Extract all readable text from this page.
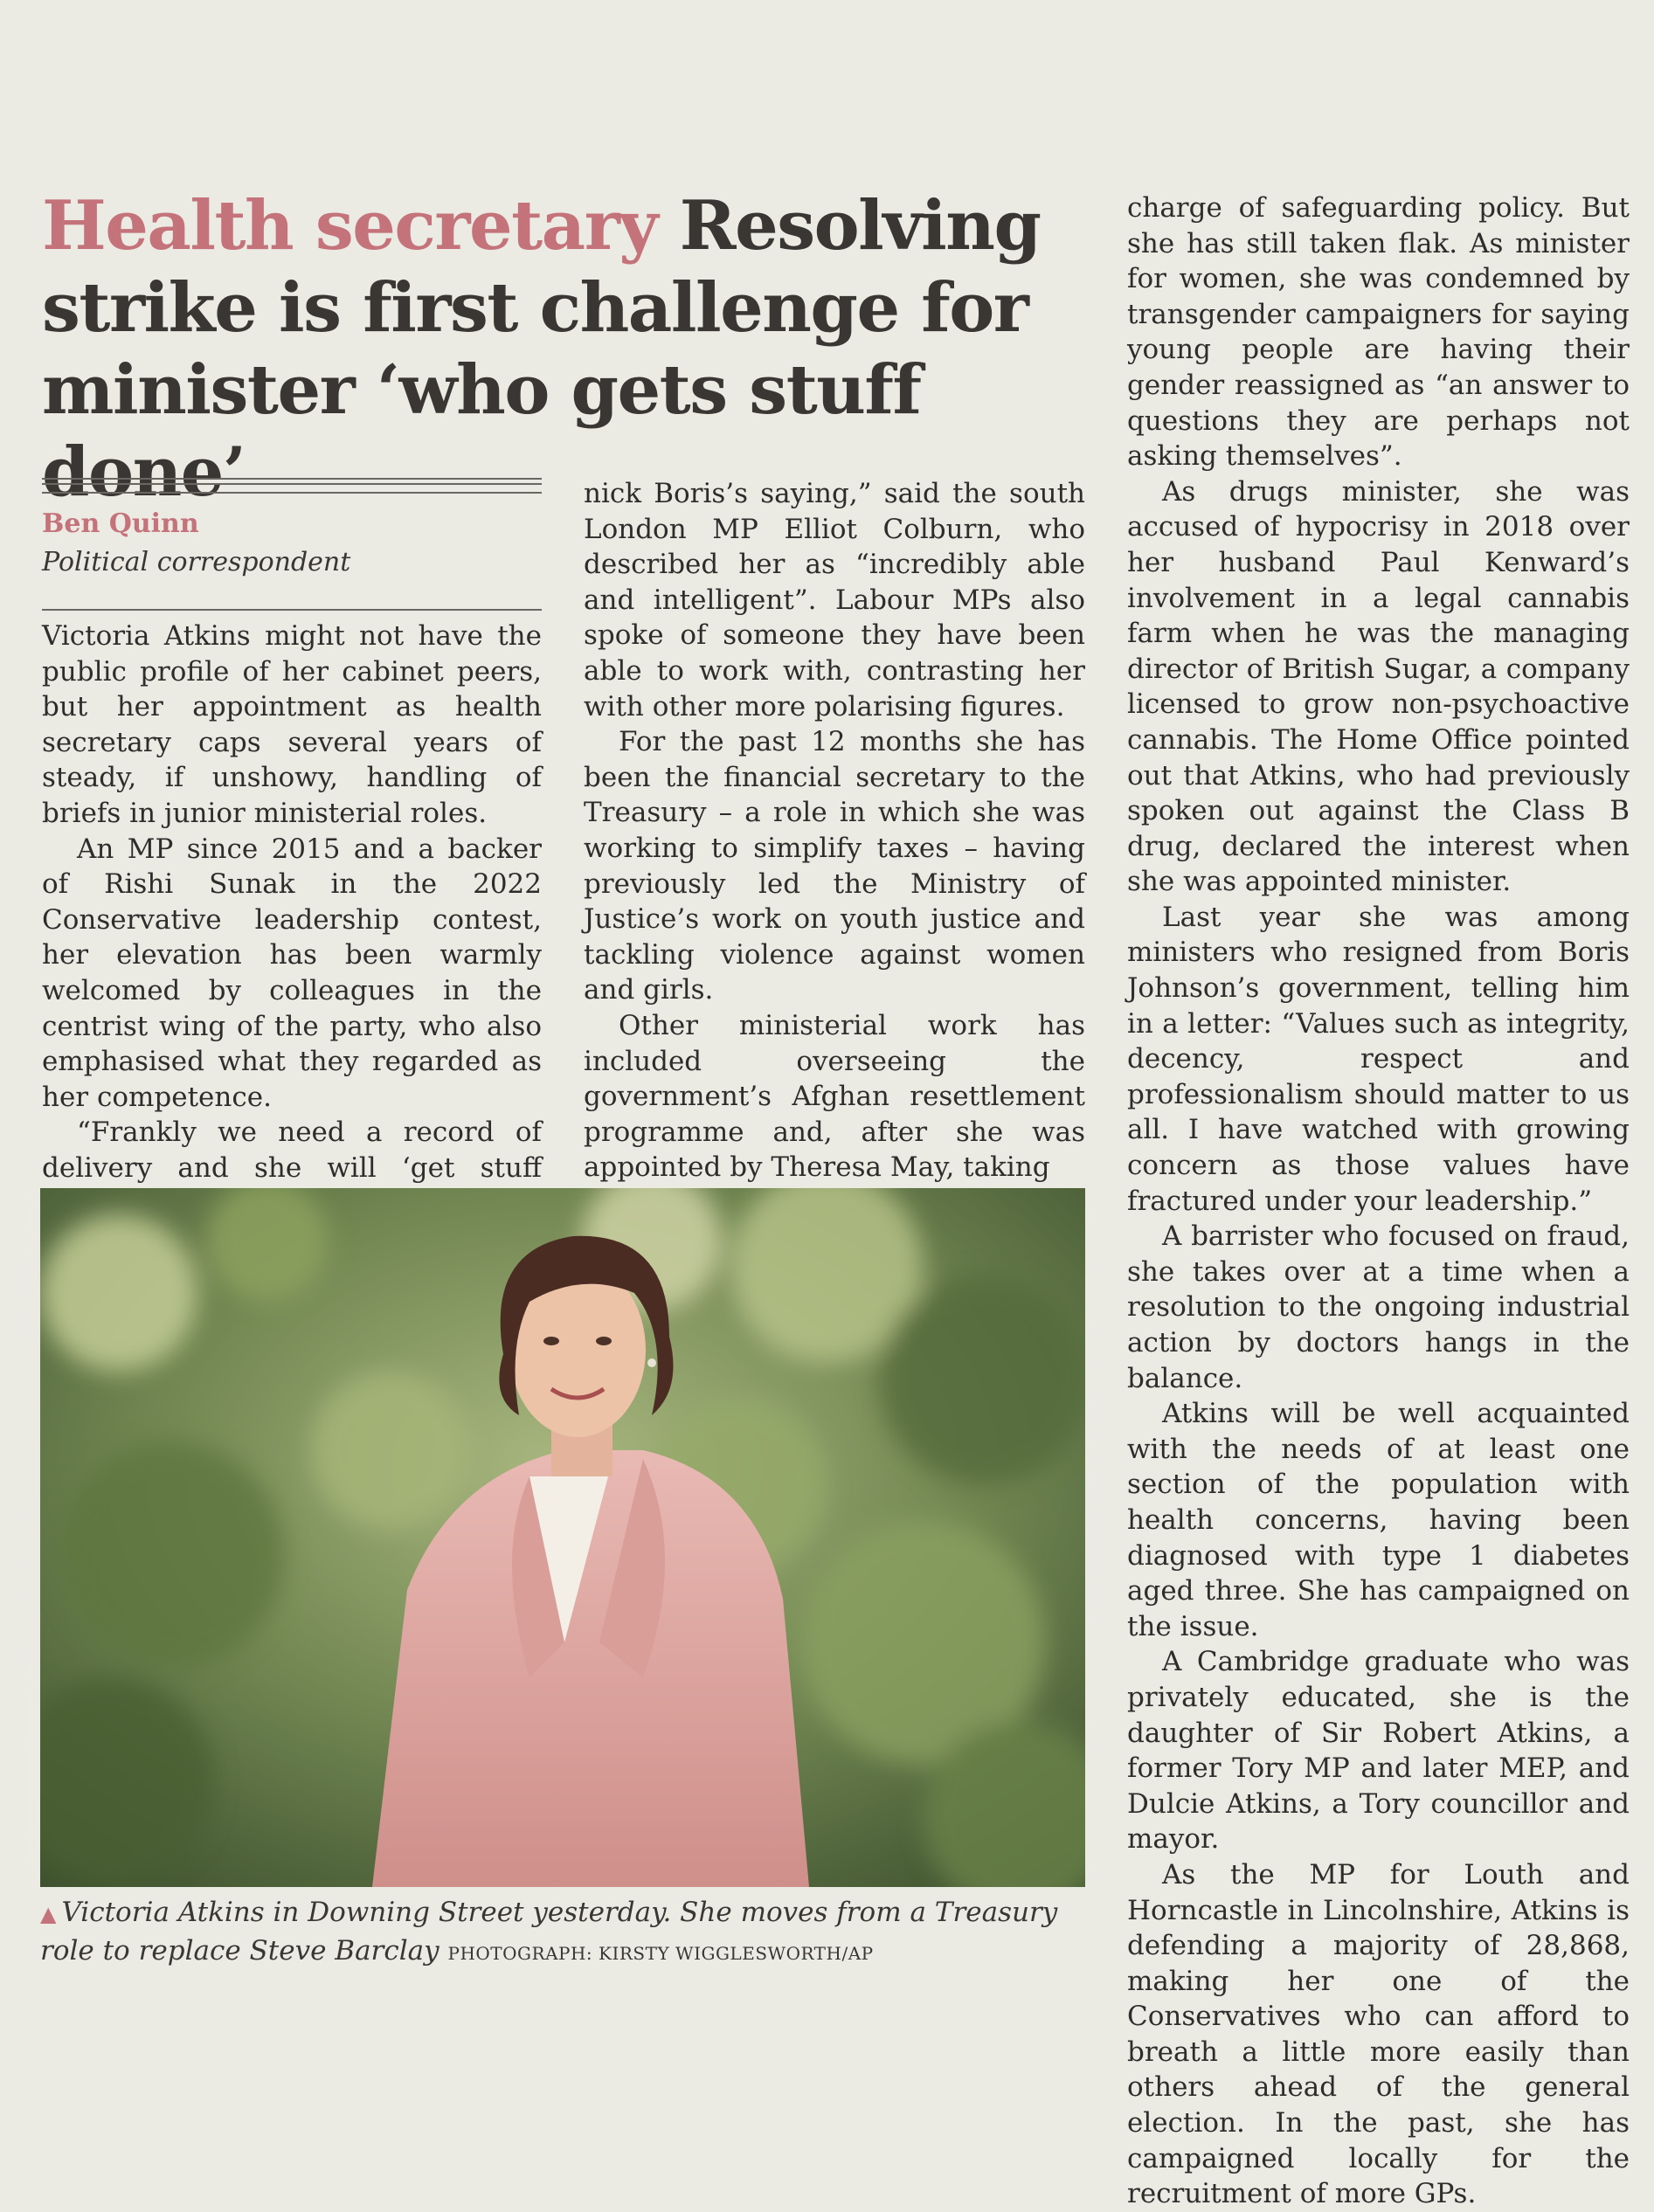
Health secretary Resolving strike is first challenge for minister ‘who gets stuff done’
Ben Quinn
Political correspondent

Victoria Atkins might not have the public profile of her cabinet peers, but her appointment as health secretary caps several years of steady, if unshowy, handling of briefs in junior ministerial roles.

An MP since 2015 and a backer of Rishi Sunak in the 2022 Conservative leadership contest, her elevation has been warmly welcomed by colleagues in the centrist wing of the party, who also emphasised what they regarded as her competence.

“Frankly we need a record of delivery and she will ‘get stuff

nick Boris’s saying,” said the south London MP Elliot Colburn, who described her as “incredibly able and intelligent”. Labour MPs also spoke of someone they have been able to work with, contrasting her with other more polarising figures.

For the past 12 months she has been the financial secretary to the Treasury – a role in which she was working to simplify taxes – having previously led the Ministry of Justice’s work on youth justice and tackling violence against women and girls.

Other ministerial work has included overseeing the government’s Afghan resettlement programme and, after she was appointed by Theresa May, taking

charge of safeguarding policy. But she has still taken flak. As minister for women, she was condemned by transgender campaigners for saying young people are having their gender reassigned as “an answer to questions they are perhaps not asking themselves”.

As drugs minister, she was accused of hypocrisy in 2018 over her husband Paul Kenward’s involvement in a legal cannabis farm when he was the managing director of British Sugar, a company licensed to grow non-psychoactive cannabis. The Home Office pointed out that Atkins, who had previously spoken out against the Class B drug, declared the interest when she was appointed minister.

Last year she was among ministers who resigned from Boris Johnson’s government, telling him in a letter: “Values such as integrity, decency, respect and professionalism should matter to us all. I have watched with growing concern as those values have fractured under your leadership.”

A barrister who focused on fraud, she takes over at a time when a resolution to the ongoing industrial action by doctors hangs in the balance.

Atkins will be well acquainted with the needs of at least one section of the population with health concerns, having been diagnosed with type 1 diabetes aged three. She has campaigned on the issue.

A Cambridge graduate who was privately educated, she is the daughter of Sir Robert Atkins, a former Tory MP and later MEP, and Dulcie Atkins, a Tory councillor and mayor.

As the MP for Louth and Horncastle in Lincolnshire, Atkins is defending a majority of 28,868, making her one of the Conservatives who can afford to breath a little more easily than others ahead of the general election. In the past, she has campaigned locally for the recruitment of more GPs.

▲ Victoria Atkins in Downing Street yesterday. She moves from a Treasury role to replace Steve Barclay PHOTOGRAPH: KIRSTY WIGGLESWORTH/AP
